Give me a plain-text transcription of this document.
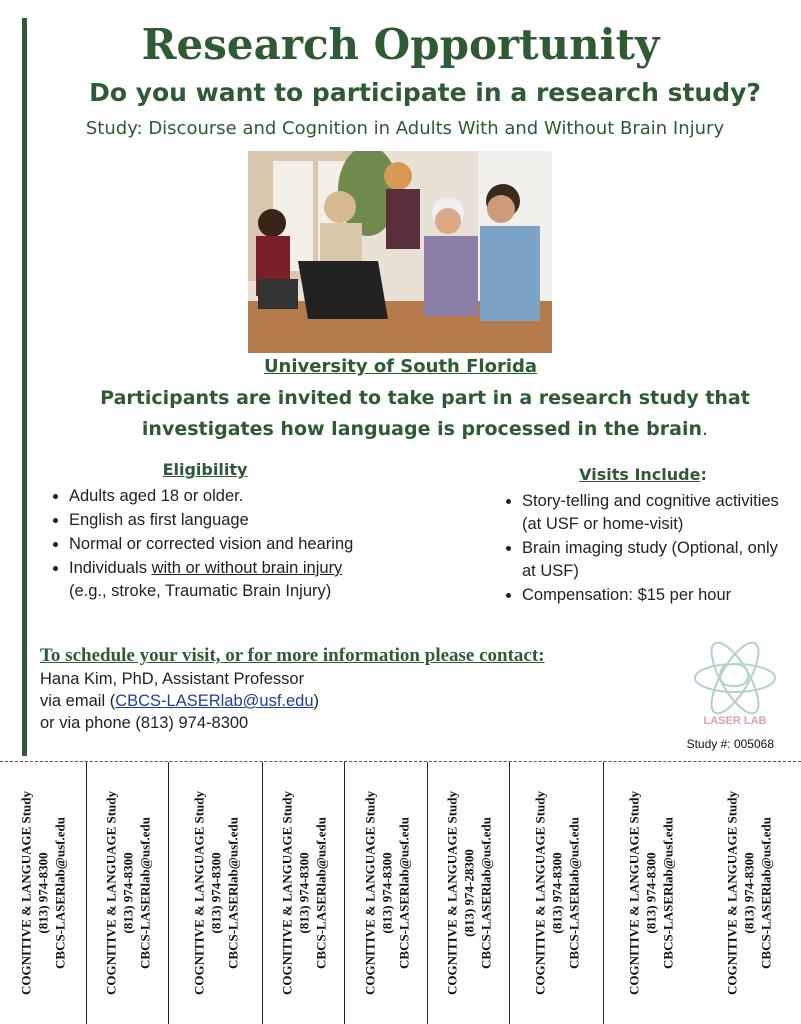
Research Opportunity
Do you want to participate in a research study?
Study: Discourse and Cognition in Adults With and Without Brain Injury
University of South Florida
Participants are invited to take part in a research study that investigates how language is processed in the brain.
Eligibility
• Adults aged 18 or older.
• English as first language
• Normal or corrected vision and hearing
• Individuals with or without brain injury
(e.g., stroke, Traumatic Brain Injury)
Visits Include:
• Story-telling and cognitive activities (at USF or home-visit)
• Brain imaging study (Optional, only at USF)
• Compensation: $15 per hour
To schedule your visit, or for more information please contact:
Hana Kim, PhD, Assistant Professor
via email (CBCS-LASERlab@usf.edu)
or via phone (813) 974-8300	LASER LAB
Study #: 005068
COGNITIVE & LANGUAGE Study (813) 974-8300 CBCS-LASERlab@usf.edu	COGNITIVE & LANGUAGE Study (813) 974-8300 CBCS-LASERlab@usf.edu	COGNITIVE & LANGUAGE Study (813) 974-8300 CBCS-LASERlab@usf.edu	COGNITIVE & LANGUAGE Study (813) 974-8300 CBCS-LASERlab@usf.edu	COGNITIVE & LANGUAGE Study (813) 974-8300 CBCS-LASERlab@usf.edu	COGNITIVE & LANGUAGE Study (813) 974-28300 CBCS-LASERlab@usf.edu	COGNITIVE & LANGUAGE Study (813) 974-8300 CBCS-LASERlab@usf.edu	COGNITIVE & LANGUAGE Study (813) 974-8300 CBCS-LASERlab@usf.edu	COGNITIVE & LANGUAGE Study (813) 974-8300 CBCS-LASERlab@usf.edu
